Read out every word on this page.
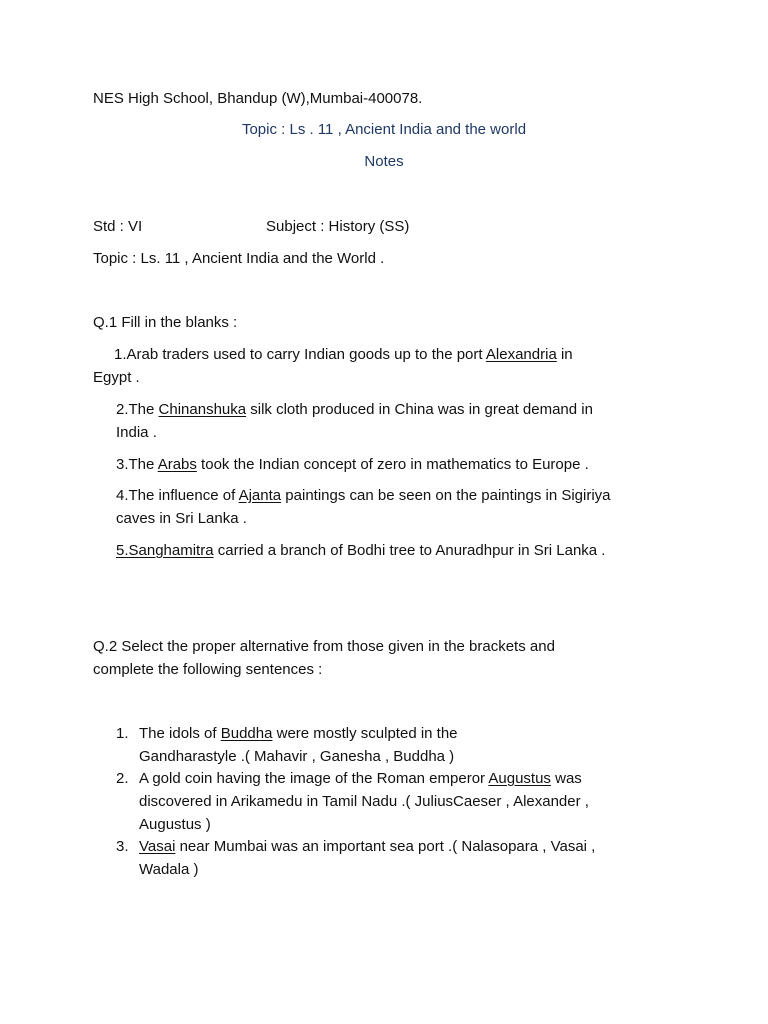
NES High School, Bhandup (W),Mumbai-400078.
Topic : Ls . 11 , Ancient India and the world
Notes
Std : VI	Subject : History (SS)
Topic : Ls. 11 , Ancient India and the World .
Q.1 Fill in the blanks :
1.Arab traders used to carry Indian goods up to the port Alexandria in
Egypt .
2.The Chinanshuka silk cloth produced in China was in great demand in
India .
3.The Arabs took the Indian concept of zero in mathematics to Europe .
4.The influence of Ajanta paintings can be seen on the paintings in Sigiriya
caves in Sri Lanka .
5.Sanghamitra carried a branch of Bodhi tree to Anuradhpur in Sri Lanka .
Q.2 Select the proper alternative from those given in the brackets and
complete the following sentences :
1. The idols of Buddha were mostly sculpted in the
Gandharastyle .( Mahavir , Ganesha , Buddha )
2. A gold coin having the image of the Roman emperor Augustus was
discovered in Arikamedu in Tamil Nadu .( JuliusCaeser , Alexander ,
Augustus )
3. Vasai near Mumbai was an important sea port .( Nalasopara , Vasai ,
Wadala )
